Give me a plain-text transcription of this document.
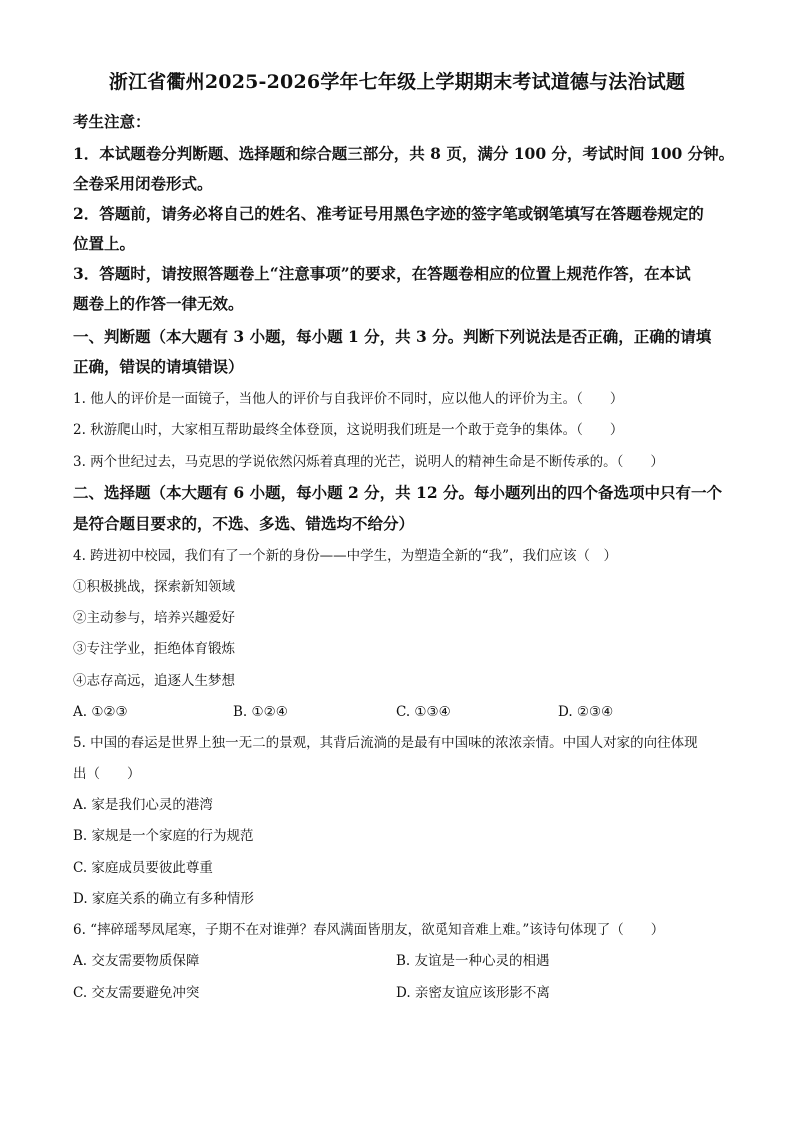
浙江省衢州2025-2026学年七年级上学期期末考试道德与法治试题
考生注意：
1．本试题卷分判断题、选择题和综合题三部分，共 8 页，满分 100 分，考试时间 100 分钟。
全卷采用闭卷形式。
2．答题前，请务必将自己的姓名、准考证号用黑色字迹的签字笔或钢笔填写在答题卷规定的
位置上。
3．答题时，请按照答题卷上“注意事项”的要求，在答题卷相应的位置上规范作答，在本试
题卷上的作答一律无效。
一、判断题（本大题有 3 小题，每小题 1 分，共 3 分。判断下列说法是否正确，正确的请填
正确，错误的请填错误）
1. 他人的评价是一面镜子，当他人的评价与自我评价不同时，应以他人的评价为主。（　　）
2. 秋游爬山时，大家相互帮助最终全体登顶，这说明我们班是一个敢于竞争的集体。（　　）
3. 两个世纪过去，马克思的学说依然闪烁着真理的光芒，说明人的精神生命是不断传承的。（　　）
二、选择题（本大题有 6 小题，每小题 2 分，共 12 分。每小题列出的四个备选项中只有一个
是符合题目要求的，不选、多选、错选均不给分）
4. 跨进初中校园，我们有了一个新的身份——中学生，为塑造全新的“我”，我们应该（　）
①积极挑战，探索新知领域
②主动参与，培养兴趣爱好
③专注学业，拒绝体育锻炼
④志存高远，追逐人生梦想
A. ①②③	B. ①②④	C. ①③④	D. ②③④
5. 中国的春运是世界上独一无二的景观，其背后流淌的是最有中国味的浓浓亲情。中国人对家的向往体现
出（　　）
A. 家是我们心灵的港湾
B. 家规是一个家庭的行为规范
C. 家庭成员要彼此尊重
D. 家庭关系的确立有多种情形
6. “摔碎瑶琴凤尾寒，子期不在对谁弹？春风满面皆朋友，欲觅知音难上难。”该诗句体现了（　　）
A. 交友需要物质保障	B. 友谊是一种心灵的相遇
C. 交友需要避免冲突	D. 亲密友谊应该形影不离
